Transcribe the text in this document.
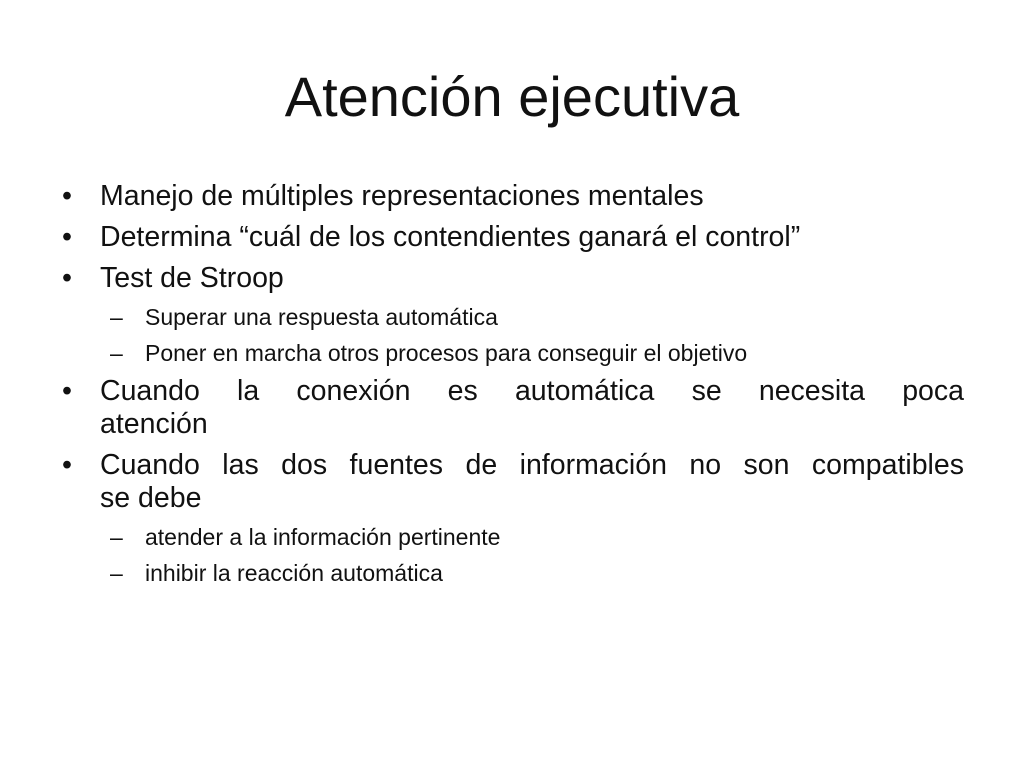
Atención ejecutiva
• Manejo de múltiples representaciones mentales
• Determina “cuál de los contendientes ganará el control”
• Test de Stroop
– Superar una respuesta automática
– Poner en marcha otros procesos para conseguir el objetivo
• Cuando la conexión es automática se necesita poca
atención
• Cuando las dos fuentes de información no son compatibles
se debe
– atender a la información pertinente
– inhibir la reacción automática
